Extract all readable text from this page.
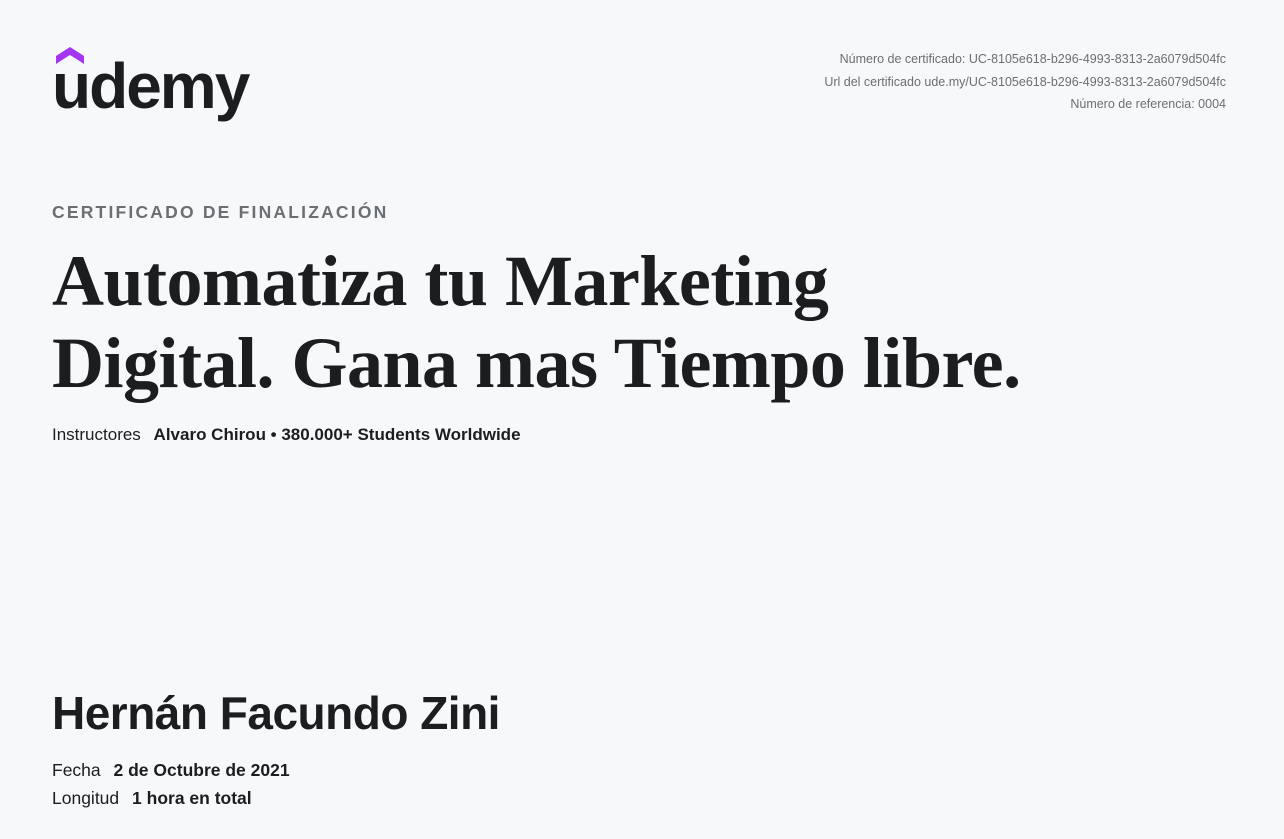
udemy	Número de certificado: UC-8105e618-b296-4993-8313-2a6079d504fc
Url del certificado ude.my/UC-8105e618-b296-4993-8313-2a6079d504fc
Número de referencia: 0004
CERTIFICADO DE FINALIZACIÓN
Automatiza tu Marketing
Digital. Gana mas Tiempo libre.
Instructores Alvaro Chirou • 380.000+ Students Worldwide
Hernán Facundo Zini
Fecha 2 de Octubre de 2021
Longitud 1 hora en total
